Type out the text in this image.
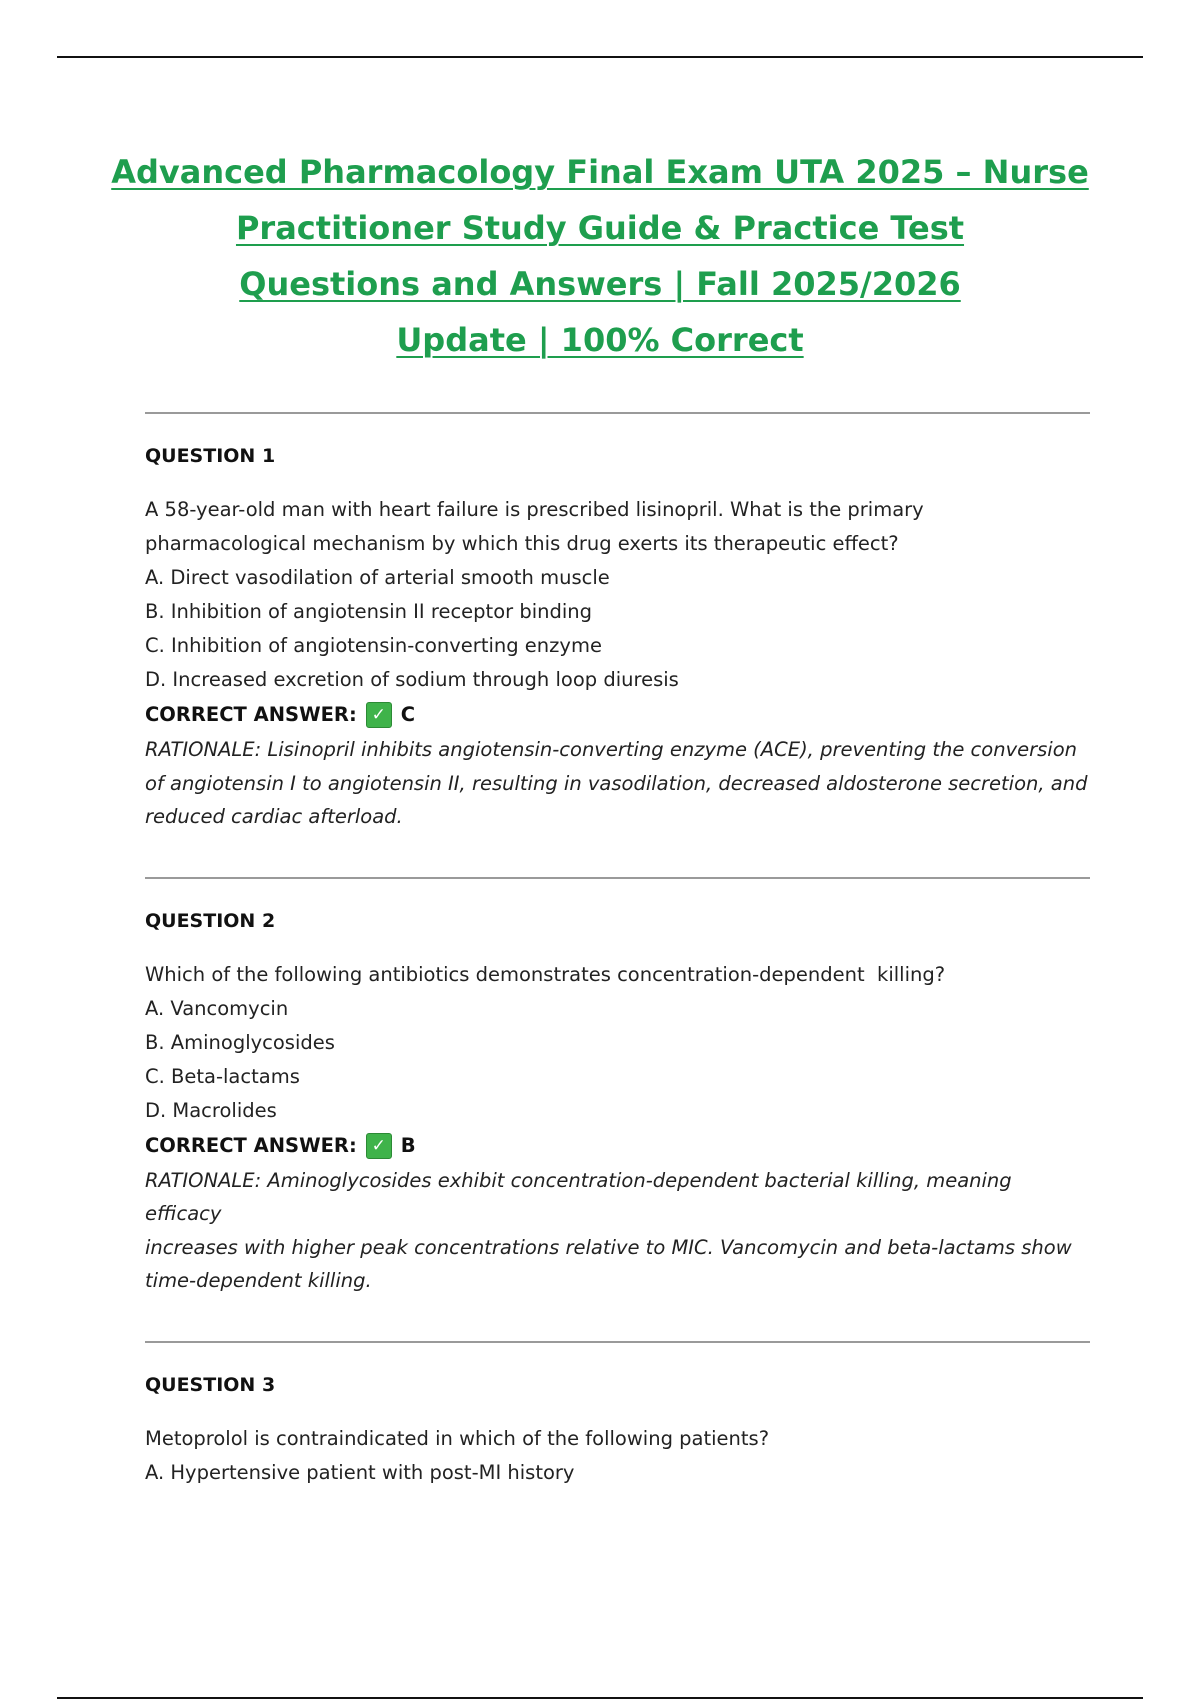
Advanced Pharmacology Final Exam UTA 2025 – Nurse
Practitioner Study Guide & Practice Test
Questions and Answers | Fall 2025/2026
Update | 100% Correct
QUESTION 1
A 58-year-old man with heart failure is prescribed lisinopril. What is the primary
pharmacological mechanism by which this drug exerts its therapeutic effect?
A. Direct vasodilation of arterial smooth muscle
B. Inhibition of angiotensin II receptor binding
C. Inhibition of angiotensin-converting enzyme
D. Increased excretion of sodium through loop diuresis
CORRECT ANSWER: ✓ C
RATIONALE: Lisinopril inhibits angiotensin-converting enzyme (ACE), preventing the conversion
of angiotensin I to angiotensin II, resulting in vasodilation, decreased aldosterone secretion, and
reduced cardiac afterload.
QUESTION 2
Which of the following antibiotics demonstrates concentration-dependent  killing?
A. Vancomycin
B. Aminoglycosides
C. Beta-lactams
D. Macrolides
CORRECT ANSWER: ✓ B
RATIONALE: Aminoglycosides exhibit concentration-dependent bacterial killing, meaning efficacy
increases with higher peak concentrations relative to MIC. Vancomycin and beta-lactams show
time-dependent killing.
QUESTION 3
Metoprolol is contraindicated in which of the following patients?
A. Hypertensive patient with post-MI history
